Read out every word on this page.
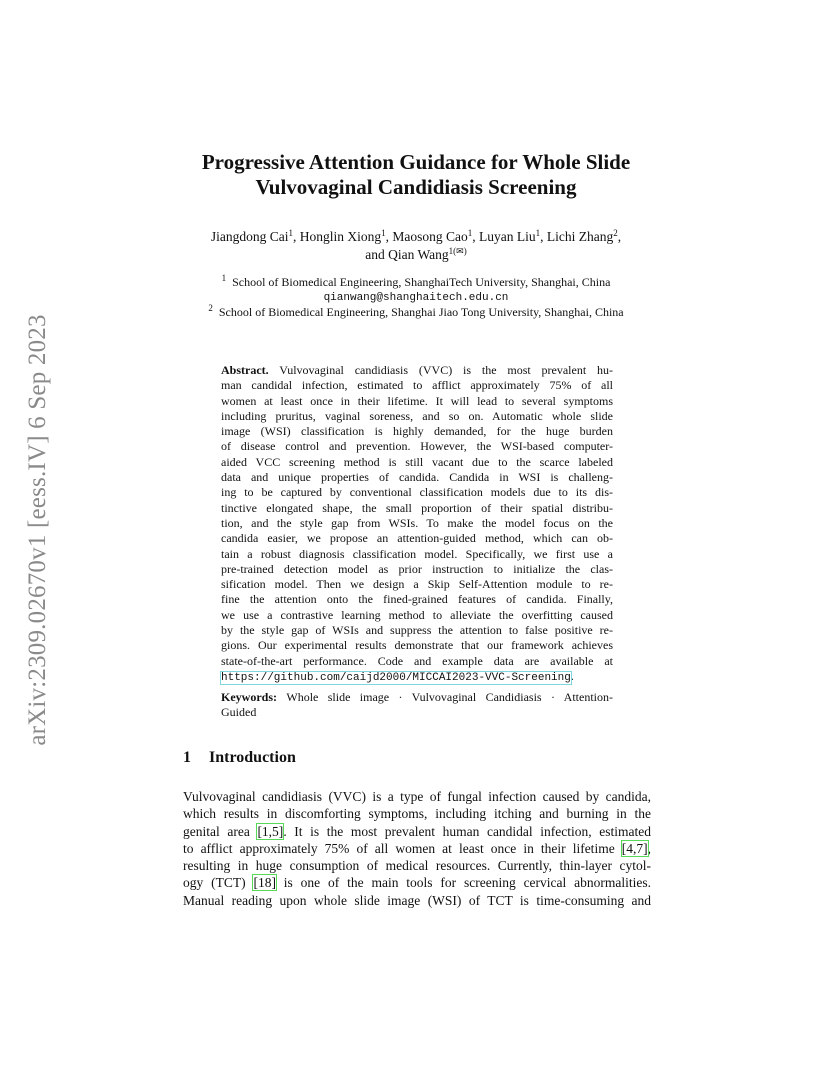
arXiv:2309.02670v1 [eess.IV] 6 Sep 2023
Progressive Attention Guidance for Whole Slide
Vulvovaginal Candidiasis Screening
Jiangdong Cai$^1$, Honglin Xiong$^1$, Maosong Cao$^1$, Luyan Liu$^1$, Lichi Zhang$^2$,
and Qian Wang$^{1(✉)}$
$^1$ School of Biomedical Engineering, ShanghaiTech University, Shanghai, China
qianwang@shanghaitech.edu.cn
$^2$ School of Biomedical Engineering, Shanghai Jiao Tong University, Shanghai, China
Abstract. Vulvovaginal candidiasis (VVC) is the most prevalent hu-
man candidal infection, estimated to afflict approximately 75% of all
women at least once in their lifetime. It will lead to several symptoms
including pruritus, vaginal soreness, and so on. Automatic whole slide
image (WSI) classification is highly demanded, for the huge burden
of disease control and prevention. However, the WSI-based computer-
aided VCC screening method is still vacant due to the scarce labeled
data and unique properties of candida. Candida in WSI is challeng-
ing to be captured by conventional classification models due to its dis-
tinctive elongated shape, the small proportion of their spatial distribu-
tion, and the style gap from WSIs. To make the model focus on the
candida easier, we propose an attention-guided method, which can ob-
tain a robust diagnosis classification model. Specifically, we first use a
pre-trained detection model as prior instruction to initialize the clas-
sification model. Then we design a Skip Self-Attention module to re-
fine the attention onto the fined-grained features of candida. Finally,
we use a contrastive learning method to alleviate the overfitting caused
by the style gap of WSIs and suppress the attention to false positive re-
gions. Our experimental results demonstrate that our framework achieves
state-of-the-art performance. Code and example data are available at
https://github.com/caijd2000/MICCAI2023-VVC-Screening.
Keywords: Whole slide image · Vulvovaginal Candidiasis · Attention-
Guided
1 Introduction
Vulvovaginal candidiasis (VVC) is a type of fungal infection caused by candida,
which results in discomforting symptoms, including itching and burning in the
genital area [1,5]. It is the most prevalent human candidal infection, estimated
to afflict approximately 75% of all women at least once in their lifetime [4,7],
resulting in huge consumption of medical resources. Currently, thin-layer cytol-
ogy (TCT) [18] is one of the main tools for screening cervical abnormalities.
Manual reading upon whole slide image (WSI) of TCT is time-consuming and
